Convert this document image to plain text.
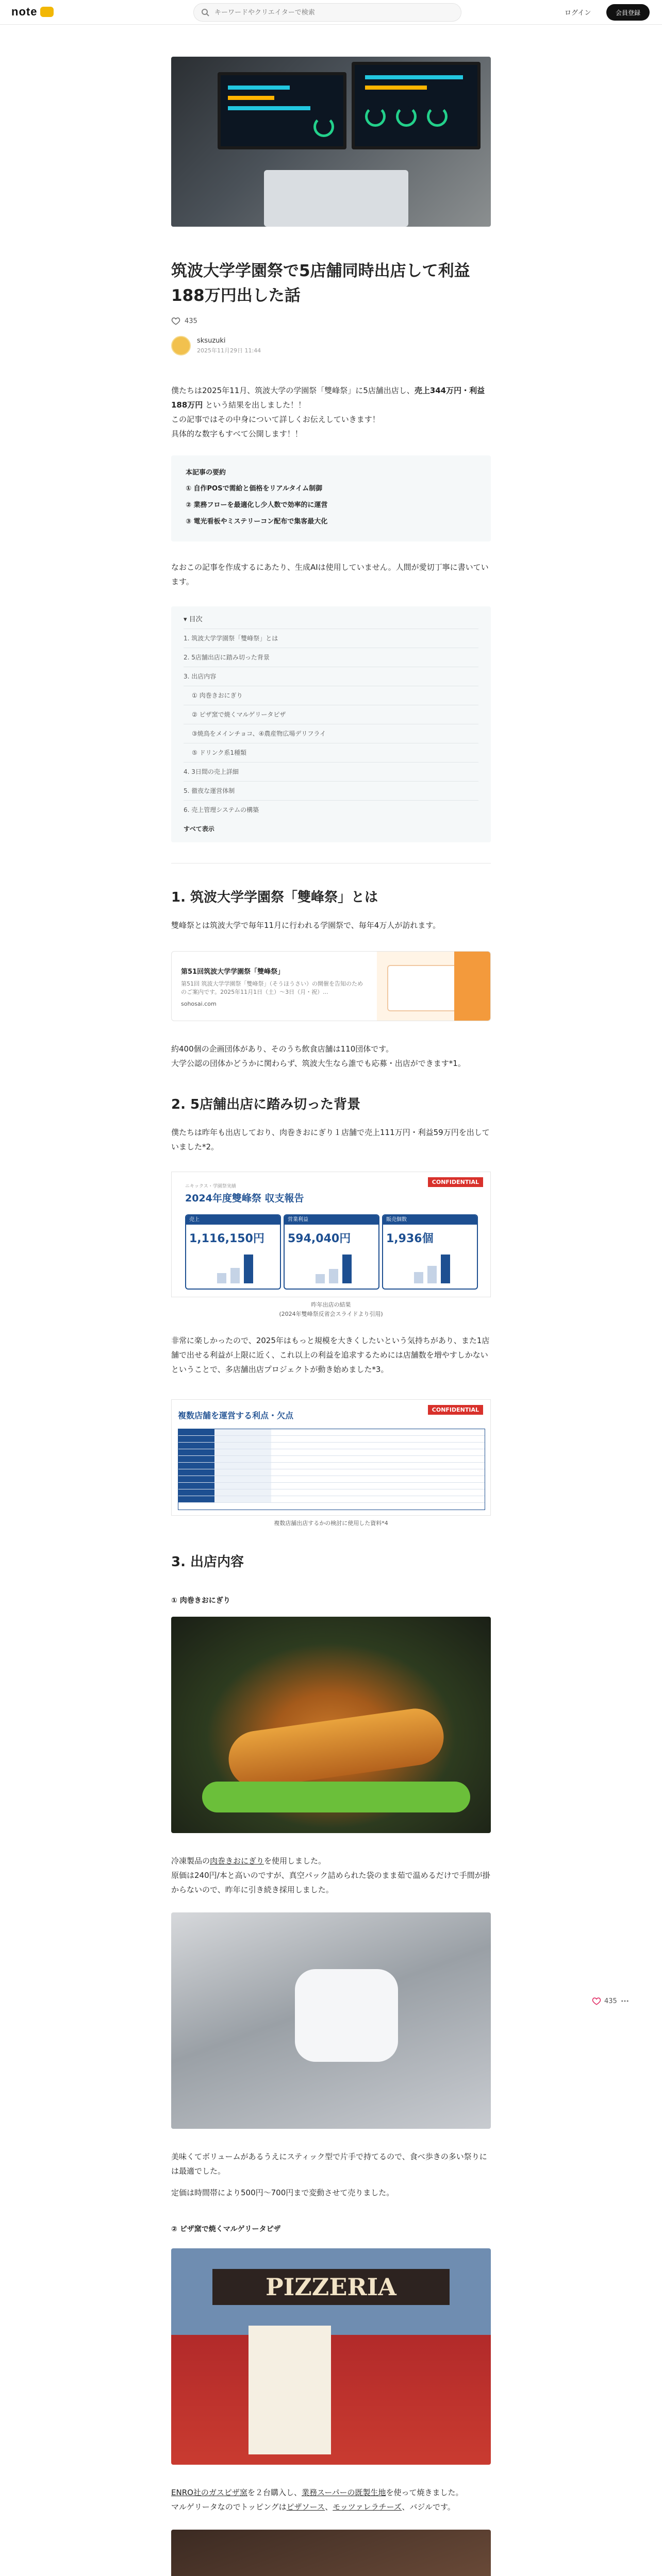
note
キーワードやクリエイターで検索	ログイン	会員登録
筑波大学学園祭で5店舗同時出店して利益188万円出した話
435
sksuzuki
2025年11月29日 11:44

僕たちは2025年11月、筑波大学の学園祭「雙峰祭」に5店舗出店し、売上344万円・利益188万円 という結果を出しました！！

この記事ではその中身について詳しくお伝えしていきます！

具体的な数字もすべて公開します！！

本記事の要約
① 自作POSで需給と価格をリアルタイム制御
② 業務フローを最適化し少人数で効率的に運営
③ 電光看板やミステリーコン配布で集客最大化

なおこの記事を作成するにあたり、生成AIは使用していません。人間が愛切丁寧に書いています。

▾ 目次
1. 筑波大学学園祭「雙峰祭」とは
2. 5店舗出店に踏み切った背景
3. 出店内容
① 肉巻きおにぎり
② ピザ窯で焼くマルゲリータピザ
③焼鳥をメインチョコ、④農産物広場デリフライ
⑤ ドリンク系1種類
4. 3日間の売上詳細
5. 徹夜な運営体制
6. 売上管理システムの構築
すべて表示
1. 筑波大学学園祭「雙峰祭」とは

雙峰祭とは筑波大学で毎年11月に行われる学園祭で、毎年4万人が訪れます。

第51回筑波大学学園祭「雙峰祭」
第51回 筑波大学学園祭「雙峰祭」（そうほうさい）の開催を告知のためのご案内です。2025年11月1日（土）～3日（月・祝）...
sohosai.com

約400個の企画団体があり、そのうち飲食店舗は110団体です。

大学公認の団体かどうかに関わらず、筑波大生なら誰でも応募・出店ができます*1。

2. 5店舗出店に踏み切った背景

僕たちは昨年も出店しており、肉巻きおにぎり１店舗で売上111万円・利益59万円を出していました*2。

CONFIDENTIAL
ニキックス・学園祭実績
2024年度雙峰祭 収支報告
売上
1,116,150円
営業利益
594,040円
販売個数
1,936個
昨年出店の結果
(2024年雙峰祭反省会スライドより引用)

非常に楽しかったので、2025年はもっと規模を大きくしたいという気持ちがあり、また1店舗で出せる利益が上限に近く、これ以上の利益を追求するためには店舗数を増やすしかないということで、多店舗出店プロジェクトが動き始めました*3。

CONFIDENTIAL
複数店舗を運営する利点・欠点
複数店舗出店するかの検討に使用した資料*4
3. 出店内容
① 肉巻きおにぎり

冷凍製品の肉巻きおにぎりを使用しました。

原価は240円/本と高いのですが、真空パック詰められた袋のまま茹で温めるだけで手間が掛からないので、昨年に引き続き採用しました。

美味くてボリュームがあるうえにスティック型で片手で持てるので、食べ歩きの多い祭りには最適でした。

定価は時間帯により500円〜700円まで変動させて売りました。

② ピザ窯で焼くマルゲリータピザ
PIZZERIA

ENRO社のガスピザ窯を２台購入し、業務スーパーの既製生地を使って焼きました。

マルゲリータなのでトッピングはピザソース、モッツァレラチーズ、バジルです。

435
